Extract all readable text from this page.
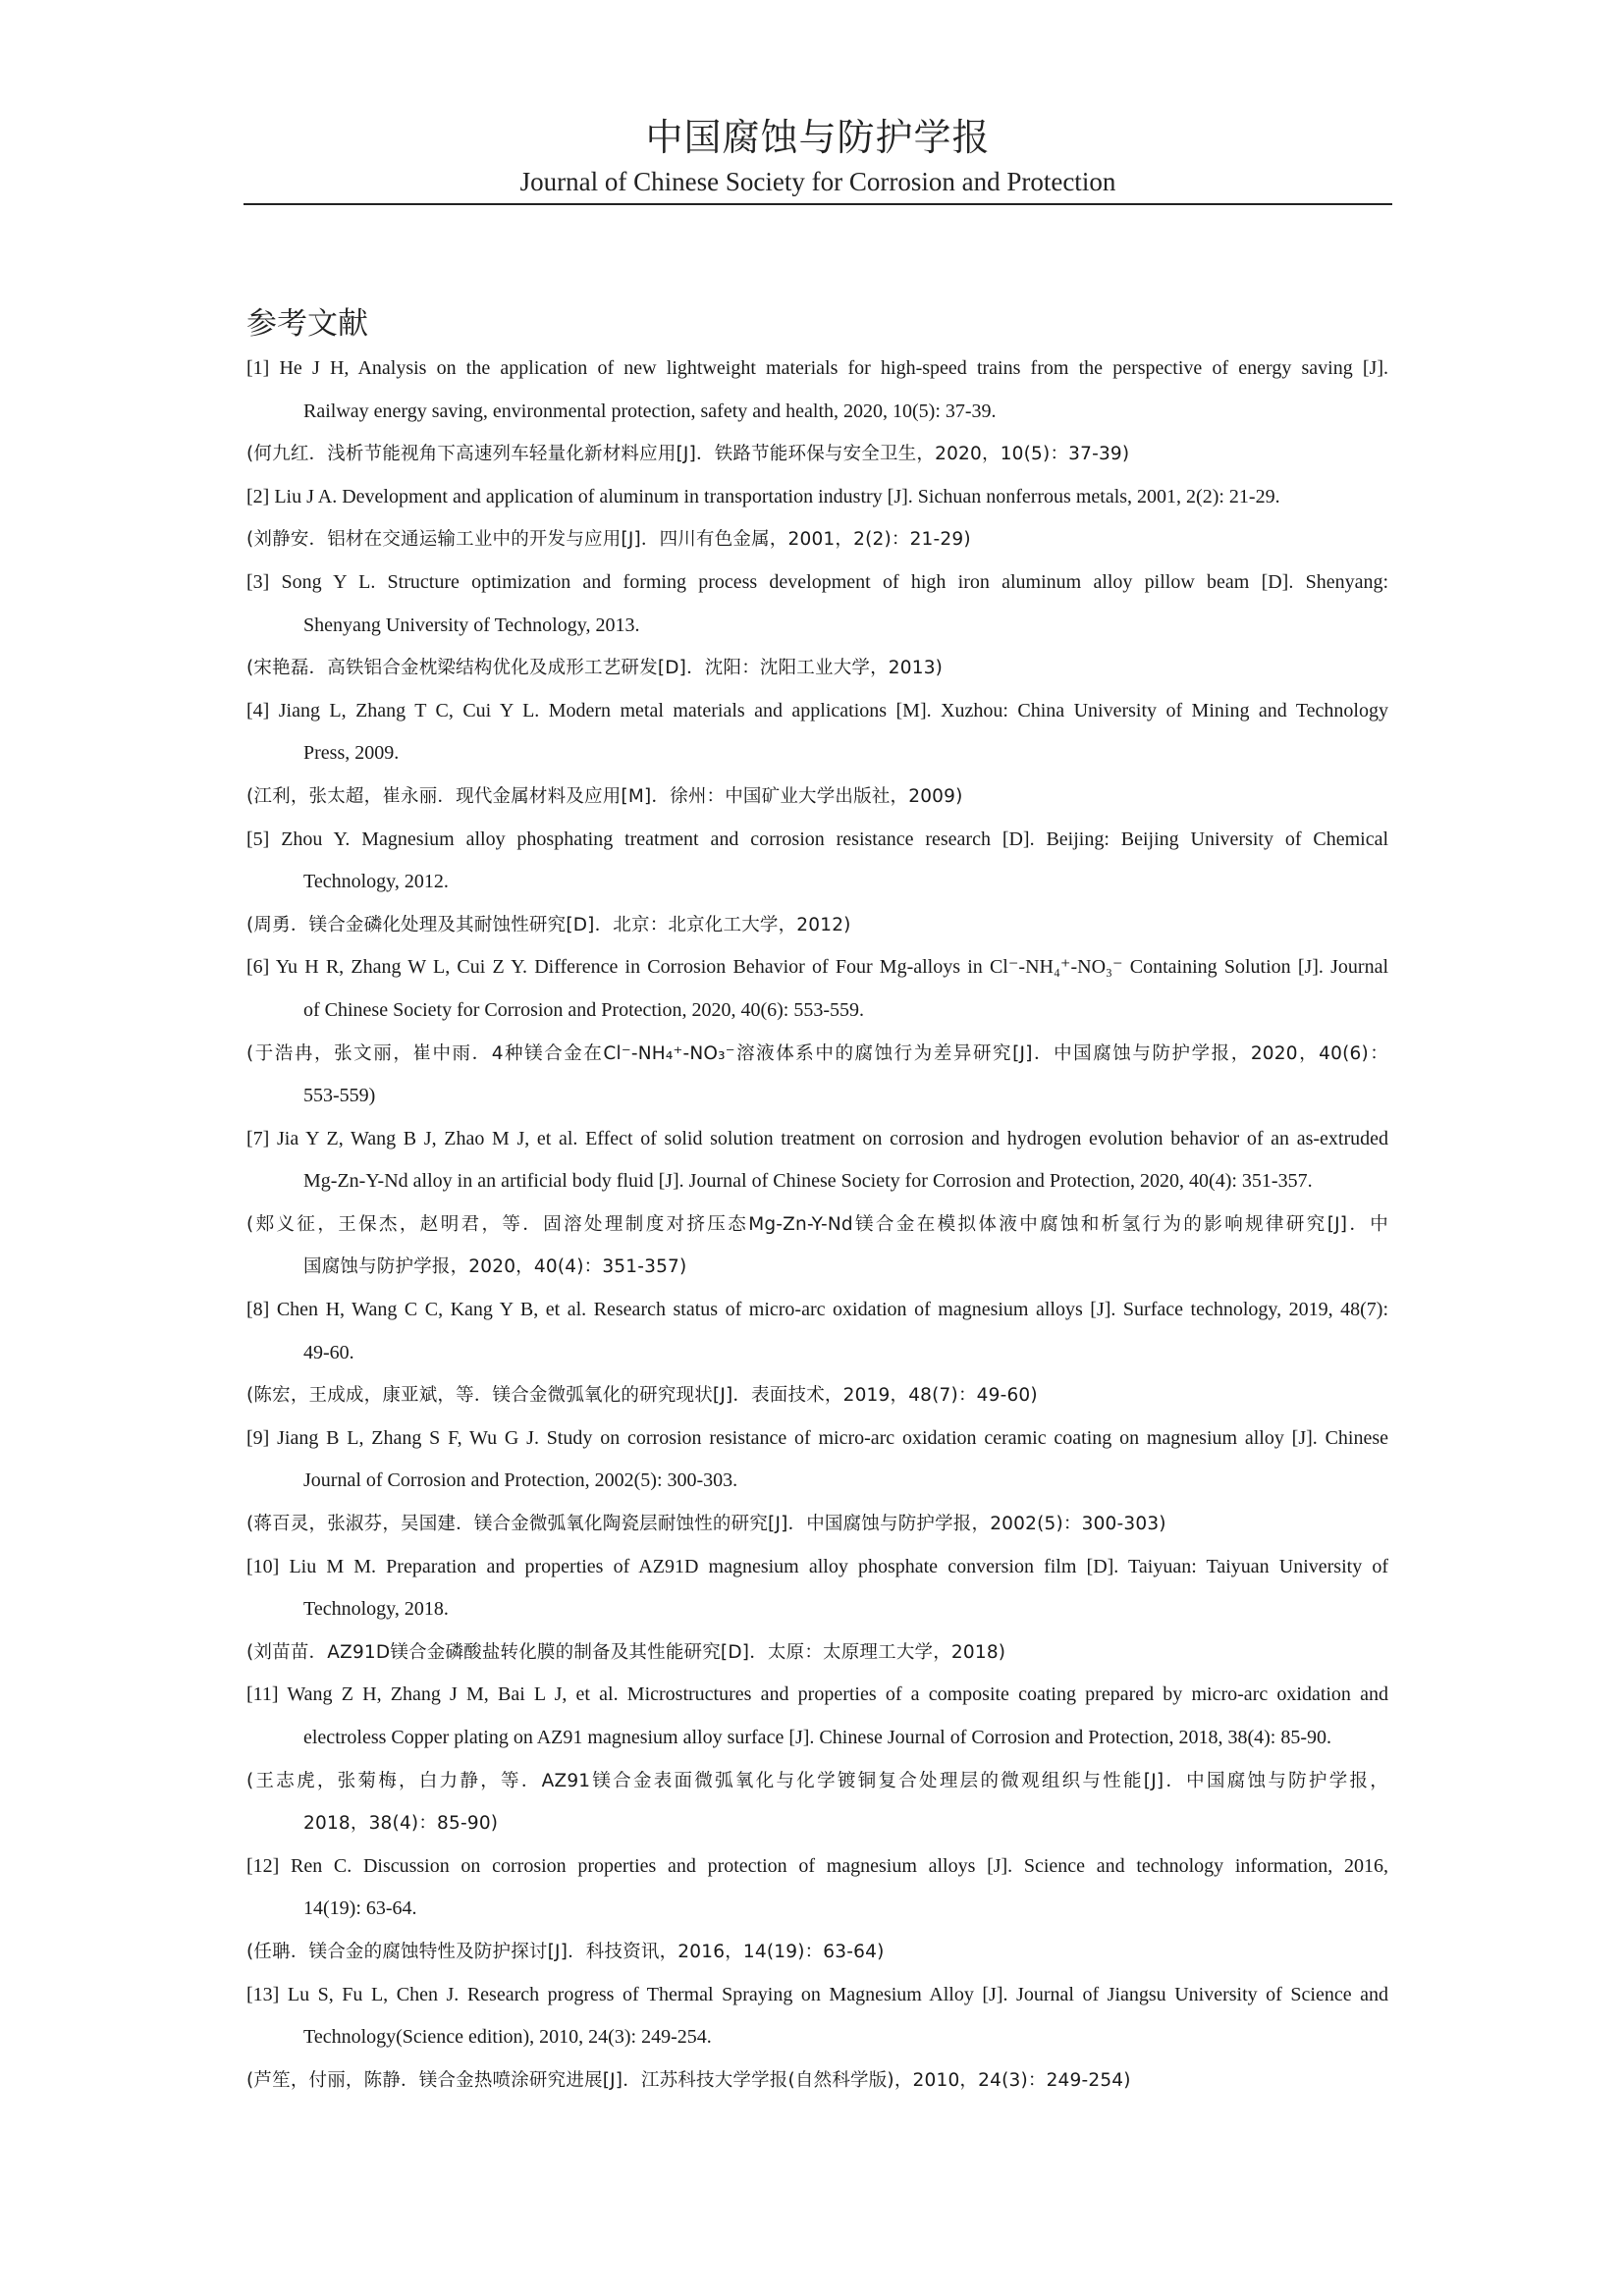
中国腐蚀与防护学报
Journal of Chinese Society for Corrosion and Protection
参考文献
[1] He J H, Analysis on the application of new lightweight materials for high-speed trains from the perspective of energy saving [J].
Railway energy saving, environmental protection, safety and health, 2020, 10(5): 37-39.
(何九红．浅析节能视角下高速列车轻量化新材料应用[J]．铁路节能环保与安全卫生，2020，10(5)：37-39)
[2] Liu J A. Development and application of aluminum in transportation industry [J]. Sichuan nonferrous metals, 2001, 2(2): 21-29.
(刘静安．铝材在交通运输工业中的开发与应用[J]．四川有色金属，2001，2(2)：21-29)
[3] Song Y L. Structure optimization and forming process development of high iron aluminum alloy pillow beam [D]. Shenyang:
Shenyang University of Technology, 2013.
(宋艳磊．高铁铝合金枕梁结构优化及成形工艺研发[D]．沈阳：沈阳工业大学，2013)
[4] Jiang L, Zhang T C, Cui Y L. Modern metal materials and applications [M]. Xuzhou: China University of Mining and Technology
Press, 2009.
(江利，张太超，崔永丽．现代金属材料及应用[M]．徐州：中国矿业大学出版社，2009)
[5] Zhou Y. Magnesium alloy phosphating treatment and corrosion resistance research [D]. Beijing: Beijing University of Chemical
Technology, 2012.
(周勇．镁合金磷化处理及其耐蚀性研究[D]．北京：北京化工大学，2012)
[6] Yu H R, Zhang W L, Cui Z Y. Difference in Corrosion Behavior of Four Mg-alloys in Cl⁻-NH₄⁺-NO₃⁻ Containing Solution [J]. Journal
of Chinese Society for Corrosion and Protection, 2020, 40(6): 553-559.
(于浩冉，张文丽，崔中雨．4种镁合金在Cl⁻-NH₄⁺-NO₃⁻溶液体系中的腐蚀行为差异研究[J]．中国腐蚀与防护学报，2020，40(6)：
553-559)
[7] Jia Y Z, Wang B J, Zhao M J, et al. Effect of solid solution treatment on corrosion and hydrogen evolution behavior of an as-extruded
Mg-Zn-Y-Nd alloy in an artificial body fluid [J]. Journal of Chinese Society for Corrosion and Protection, 2020, 40(4): 351-357.
(郏义征，王保杰，赵明君，等．固溶处理制度对挤压态Mg-Zn-Y-Nd镁合金在模拟体液中腐蚀和析氢行为的影响规律研究[J]．中
国腐蚀与防护学报，2020，40(4)：351-357)
[8] Chen H, Wang C C, Kang Y B, et al. Research status of micro-arc oxidation of magnesium alloys [J]. Surface technology, 2019, 48(7):
49-60.
(陈宏，王成成，康亚斌，等．镁合金微弧氧化的研究现状[J]．表面技术，2019，48(7)：49-60)
[9] Jiang B L, Zhang S F, Wu G J. Study on corrosion resistance of micro-arc oxidation ceramic coating on magnesium alloy [J]. Chinese
Journal of Corrosion and Protection, 2002(5): 300-303.
(蒋百灵，张淑芬，吴国建．镁合金微弧氧化陶瓷层耐蚀性的研究[J]．中国腐蚀与防护学报，2002(5)：300-303)
[10] Liu M M. Preparation and properties of AZ91D magnesium alloy phosphate conversion film [D]. Taiyuan: Taiyuan University of
Technology, 2018.
(刘苗苗．AZ91D镁合金磷酸盐转化膜的制备及其性能研究[D]．太原：太原理工大学，2018)
[11] Wang Z H, Zhang J M, Bai L J, et al. Microstructures and properties of a composite coating prepared by micro-arc oxidation and
electroless Copper plating on AZ91 magnesium alloy surface [J]. Chinese Journal of Corrosion and Protection, 2018, 38(4): 85-90.
(王志虎，张菊梅，白力静，等．AZ91镁合金表面微弧氧化与化学镀铜复合处理层的微观组织与性能[J]．中国腐蚀与防护学报，
2018，38(4)：85-90)
[12] Ren C. Discussion on corrosion properties and protection of magnesium alloys [J]. Science and technology information, 2016,
14(19): 63-64.
(任聃．镁合金的腐蚀特性及防护探讨[J]．科技资讯，2016，14(19)：63-64)
[13] Lu S, Fu L, Chen J. Research progress of Thermal Spraying on Magnesium Alloy [J]. Journal of Jiangsu University of Science and
Technology(Science edition), 2010, 24(3): 249-254.
(芦笙，付丽，陈静．镁合金热喷涂研究进展[J]．江苏科技大学学报(自然科学版)，2010，24(3)：249-254)
